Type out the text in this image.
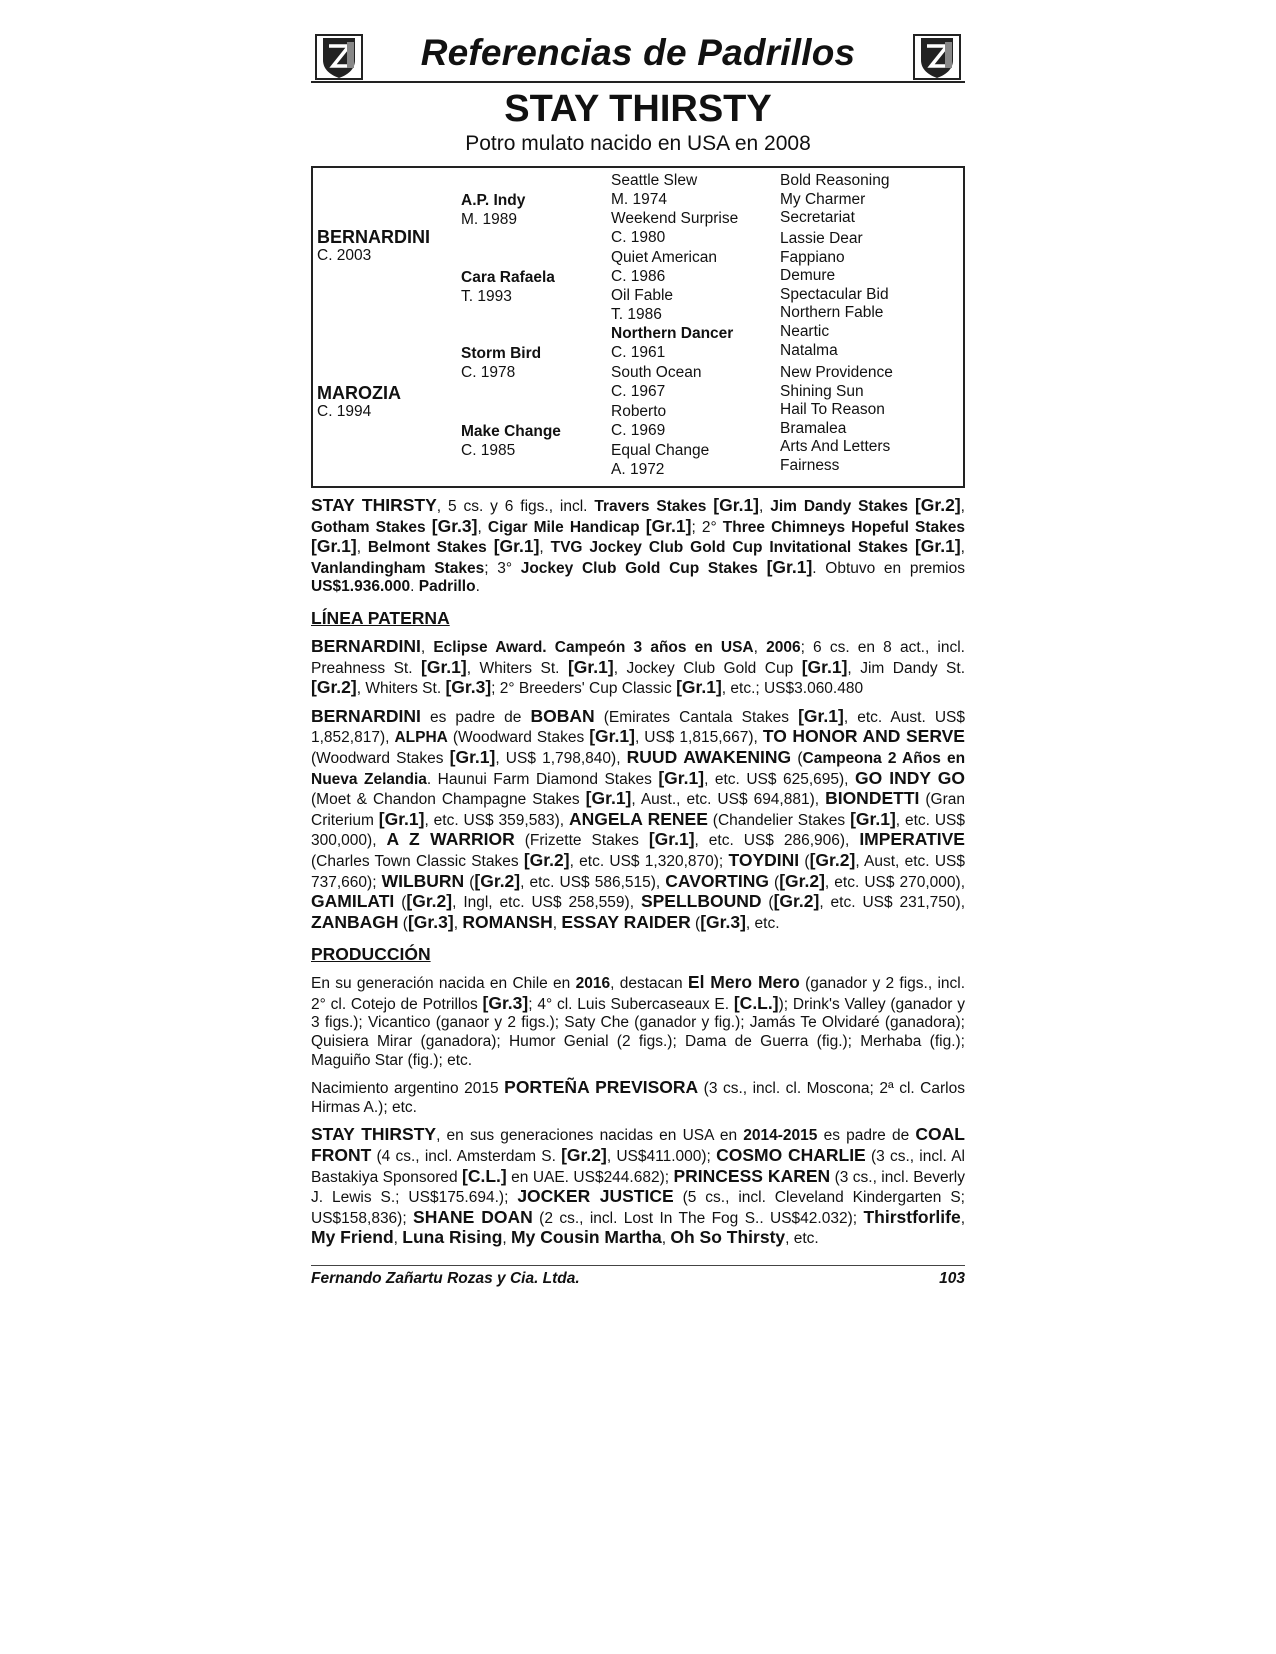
Referencias de Padrillos
STAY THIRSTY
Potro mulato nacido en USA en 2008
BERNARDINI
C. 2003
MAROZIA
C. 1994
A.P. Indy
M. 1989
Cara Rafaela
T. 1993
Storm Bird
C. 1978
Make Change
C. 1985
Seattle Slew
M. 1974
Weekend Surprise
C. 1980
Quiet American
C. 1986
Oil Fable
T. 1986
Northern Dancer
C. 1961
South Ocean
C. 1967
Roberto
C. 1969
Equal Change
A. 1972
Bold Reasoning
My Charmer
Secretariat
Lassie Dear
Fappiano
Demure
Spectacular Bid
Northern Fable
Neartic
Natalma
New Providence
Shining Sun
Hail To Reason
Bramalea
Arts And Letters
Fairness
STAY THIRSTY, 5 cs. y 6 figs., incl. Travers Stakes [Gr.1], Jim Dandy Stakes [Gr.2], Gotham Stakes [Gr.3], Cigar Mile Handicap [Gr.1]; 2° Three Chimneys Hopeful Stakes [Gr.1], Belmont Stakes [Gr.1], TVG Jockey Club Gold Cup Invitational Stakes [Gr.1], Vanlandingham Stakes; 3° Jockey Club Gold Cup Stakes [Gr.1]. Obtuvo en premios US$1.936.000. Padrillo.
LÍNEA PATERNA
BERNARDINI, Eclipse Award. Campeón 3 años en USA, 2006; 6 cs. en 8 act., incl. Preahness St. [Gr.1], Whiters St. [Gr.1], Jockey Club Gold Cup [Gr.1], Jim Dandy St. [Gr.2], Whiters St. [Gr.3]; 2° Breeders' Cup Classic [Gr.1], etc.; US$3.060.480
BERNARDINI es padre de BOBAN (Emirates Cantala Stakes [Gr.1], etc. Aust. US$ 1,852,817), ALPHA (Woodward Stakes [Gr.1], US$ 1,815,667), TO HONOR AND SERVE (Woodward Stakes [Gr.1], US$ 1,798,840), RUUD AWAKENING (Campeona 2 Años en Nueva Zelandia. Haunui Farm Diamond Stakes [Gr.1], etc. US$ 625,695), GO INDY GO (Moet & Chandon Champagne Stakes [Gr.1], Aust., etc. US$ 694,881), BIONDETTI (Gran Criterium [Gr.1], etc. US$ 359,583), ANGELA RENEE (Chandelier Stakes [Gr.1], etc. US$ 300,000), A Z WARRIOR (Frizette Stakes [Gr.1], etc. US$ 286,906), IMPERATIVE (Charles Town Classic Stakes [Gr.2], etc. US$ 1,320,870); TOYDINI ([Gr.2], Aust, etc. US$ 737,660); WILBURN ([Gr.2], etc. US$ 586,515), CAVORTING ([Gr.2], etc. US$ 270,000), GAMILATI ([Gr.2], Ingl, etc. US$ 258,559), SPELLBOUND ([Gr.2], etc. US$ 231,750), ZANBAGH ([Gr.3], ROMANSH, ESSAY RAIDER ([Gr.3], etc.
PRODUCCIÓN
En su generación nacida en Chile en 2016, destacan El Mero Mero (ganador y 2 figs., incl. 2° cl. Cotejo de Potrillos [Gr.3]; 4° cl. Luis Subercaseaux E. [C.L.]); Drink's Valley (ganador y 3 figs.); Vicantico (ganaor y 2 figs.); Saty Che (ganador y fig.); Jamás Te Olvidaré (ganadora); Quisiera Mirar (ganadora); Humor Genial (2 figs.); Dama de Guerra (fig.); Merhaba (fig.); Maguiño Star (fig.); etc.
Nacimiento argentino 2015 PORTEÑA PREVISORA (3 cs., incl. cl. Moscona; 2ª cl. Carlos Hirmas A.); etc.
STAY THIRSTY, en sus generaciones nacidas en USA en 2014-2015 es padre de COAL FRONT (4 cs., incl. Amsterdam S. [Gr.2], US$411.000); COSMO CHARLIE (3 cs., incl. Al Bastakiya Sponsored [C.L.] en UAE. US$244.682); PRINCESS KAREN (3 cs., incl. Beverly J. Lewis S.; US$175.694.); JOCKER JUSTICE (5 cs., incl. Cleveland Kindergarten S; US$158,836); SHANE DOAN (2 cs., incl. Lost In The Fog S.. US$42.032); Thirstforlife, My Friend, Luna Rising, My Cousin Martha, Oh So Thirsty, etc.
Fernando Zañartu Rozas y Cia. Ltda.	103
